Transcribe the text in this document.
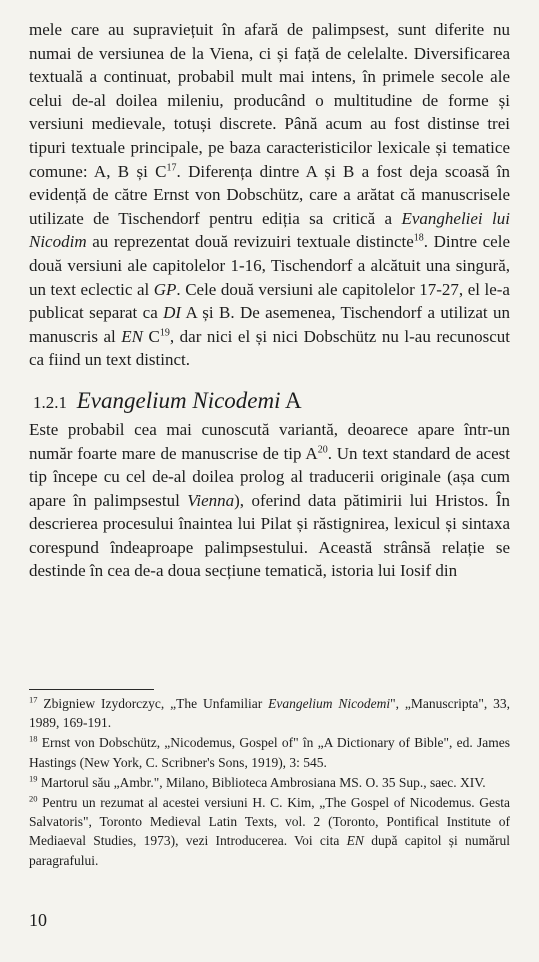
mele care au supraviețuit în afară de palimpsest, sunt diferite nu numai de versiunea de la Viena, ci și față de celelalte. Diversificarea textuală a continuat, probabil mult mai intens, în primele secole ale celui de-al doilea mileniu, producând o multitudine de forme și versiuni medievale, totuși discrete. Până acum au fost distinse trei tipuri textuale principale, pe baza caracteristicilor lexicale și tematice comune: A, B și $C^{17}$. Diferența dintre A și B a fost deja scoasă în evidență de către Ernst von Dobschütz, care a arătat că manuscrisele utilizate de Tischendorf pentru ediția sa critică a Evangheliei lui Nicodim au reprezentat două revizuiri textuale distincte$^{18}$. Dintre cele două versiuni ale capitolelor 1-16, Tischendorf a alcătuit una singură, un text eclectic al GP. Cele două versiuni ale capitolelor 17-27, el le-a publicat separat ca DI A și B. De asemenea, Tischendorf a utilizat un manuscris al EN $C^{19}$, dar nici el și nici Dobschütz nu l-au recunoscut ca fiind un text distinct.

1.2.1 Evangelium Nicodemi A

Este probabil cea mai cunoscută variantă, deoarece apare într-un număr foarte mare de manuscrise de tip $A^{20}$. Un text standard de acest tip începe cu cel de-al doilea prolog al traducerii originale (așa cum apare în palimpsestul Vienna), oferind data pătimirii lui Hristos. În descrierea procesului înaintea lui Pilat și răstignirea, lexicul și sintaxa corespund îndeaproape palimpsestului. Această strânsă relație se destinde în cea de-a doua secțiune tematică, istoria lui Iosif din

$^{17}$ Zbigniew Izydorczyc, „The Unfamiliar Evangelium Nicodemi", „Manuscripta", 33, 1989, 169-191.

$^{18}$ Ernst von Dobschütz, „Nicodemus, Gospel of" în „A Dictionary of Bible", ed. James Hastings (New York, C. Scribner's Sons, 1919), 3: 545.

$^{19}$ Martorul său „Ambr.", Milano, Biblioteca Ambrosiana MS. O. 35 Sup., saec. XIV.

$^{20}$ Pentru un rezumat al acestei versiuni H. C. Kim, „The Gospel of Nicodemus. Gesta Salvatoris", Toronto Medieval Latin Texts, vol. 2 (Toronto, Pontifical Institute of Mediaeval Studies, 1973), vezi Introducerea. Voi cita EN după capitol și numărul paragrafului.

10
